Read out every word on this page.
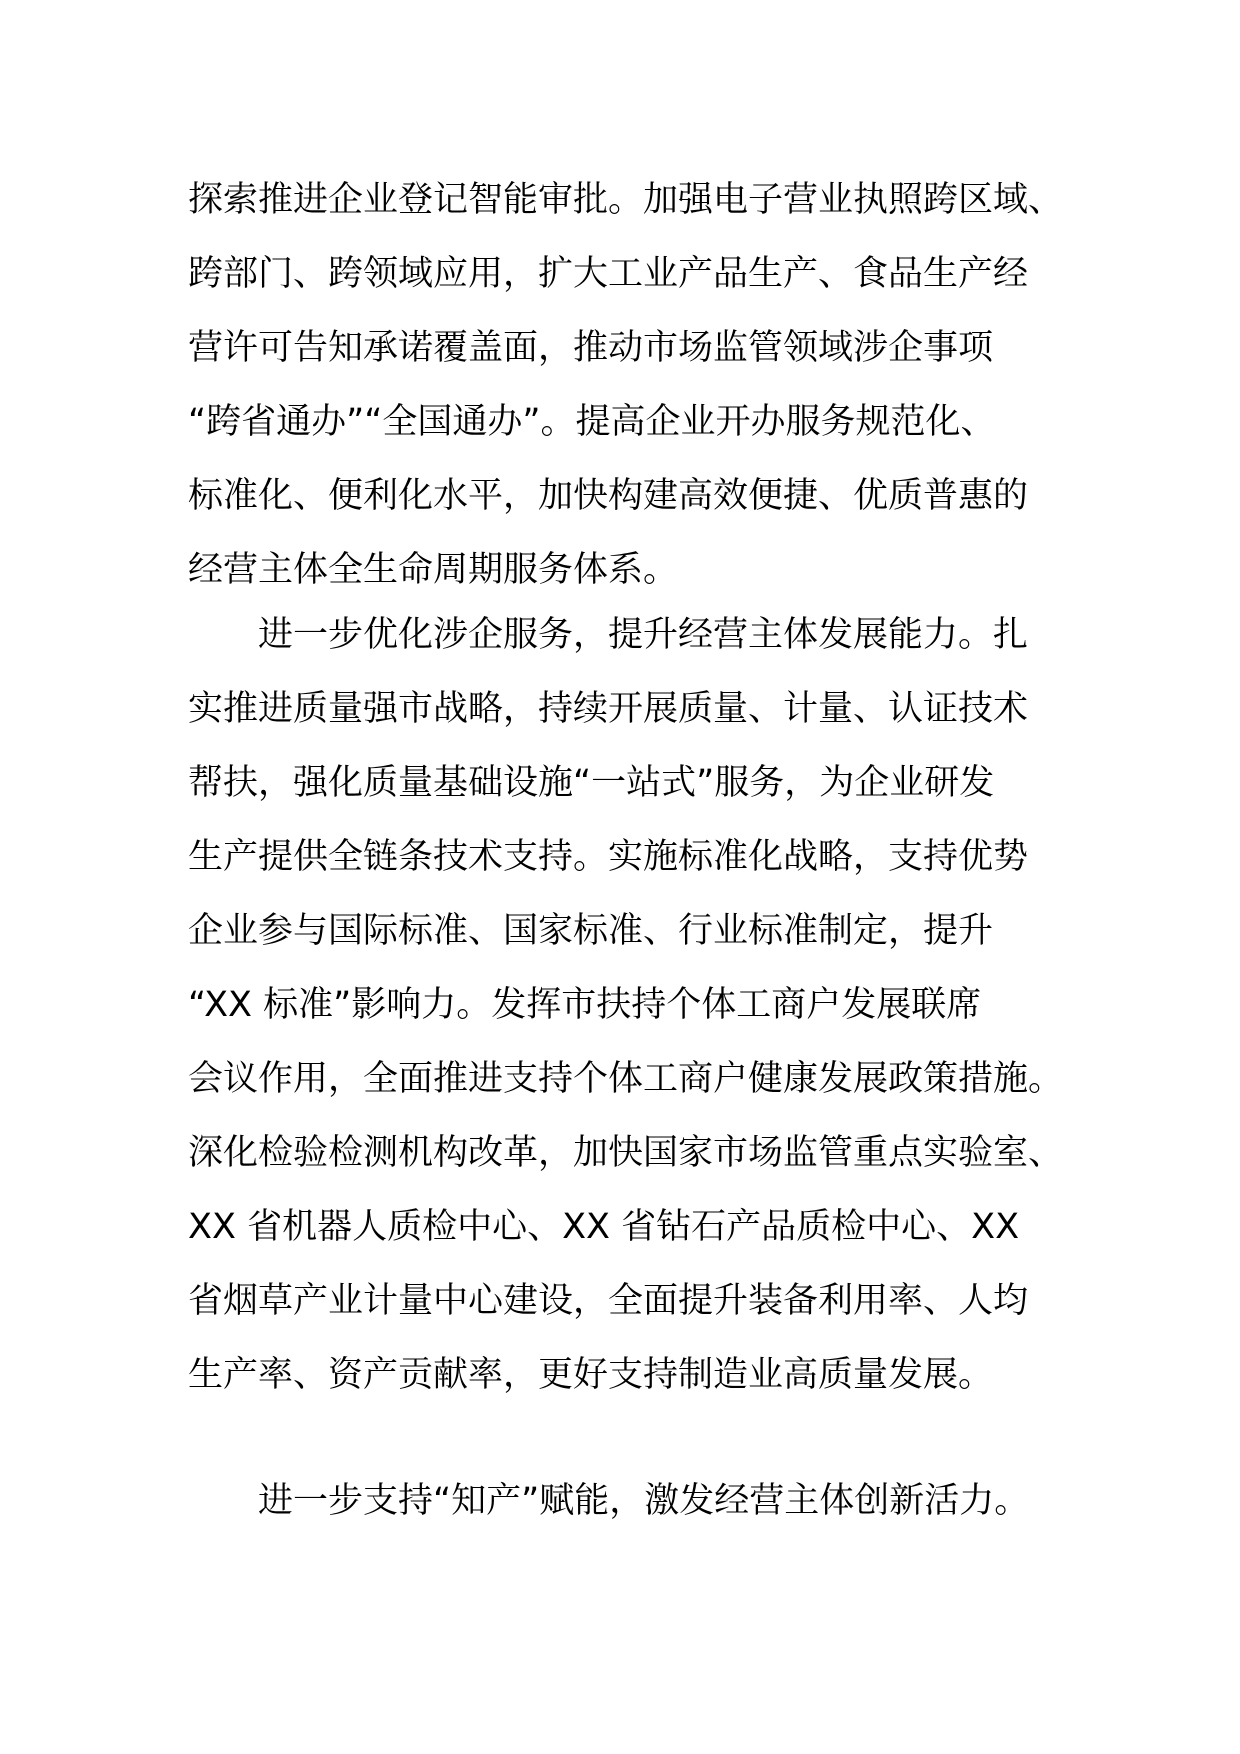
探索推进企业登记智能审批。加强电子营业执照跨区域、
跨部门、跨领域应用，扩大工业产品生产、食品生产经
营许可告知承诺覆盖面，推动市场监管领域涉企事项
“跨省通办”“全国通办”。提高企业开办服务规范化、
标准化、便利化水平，加快构建高效便捷、优质普惠的
经营主体全生命周期服务体系。
　　进一步优化涉企服务，提升经营主体发展能力。扎
实推进质量强市战略，持续开展质量、计量、认证技术
帮扶，强化质量基础设施“一站式”服务，为企业研发
生产提供全链条技术支持。实施标准化战略，支持优势
企业参与国际标准、国家标准、行业标准制定，提升
“XX 标准”影响力。发挥市扶持个体工商户发展联席
会议作用，全面推进支持个体工商户健康发展政策措施。
深化检验检测机构改革，加快国家市场监管重点实验室、
XX 省机器人质检中心、XX 省钻石产品质检中心、XX
省烟草产业计量中心建设，全面提升装备利用率、人均
生产率、资产贡献率，更好支持制造业高质量发展。
　　进一步支持“知产”赋能，激发经营主体创新活力。
